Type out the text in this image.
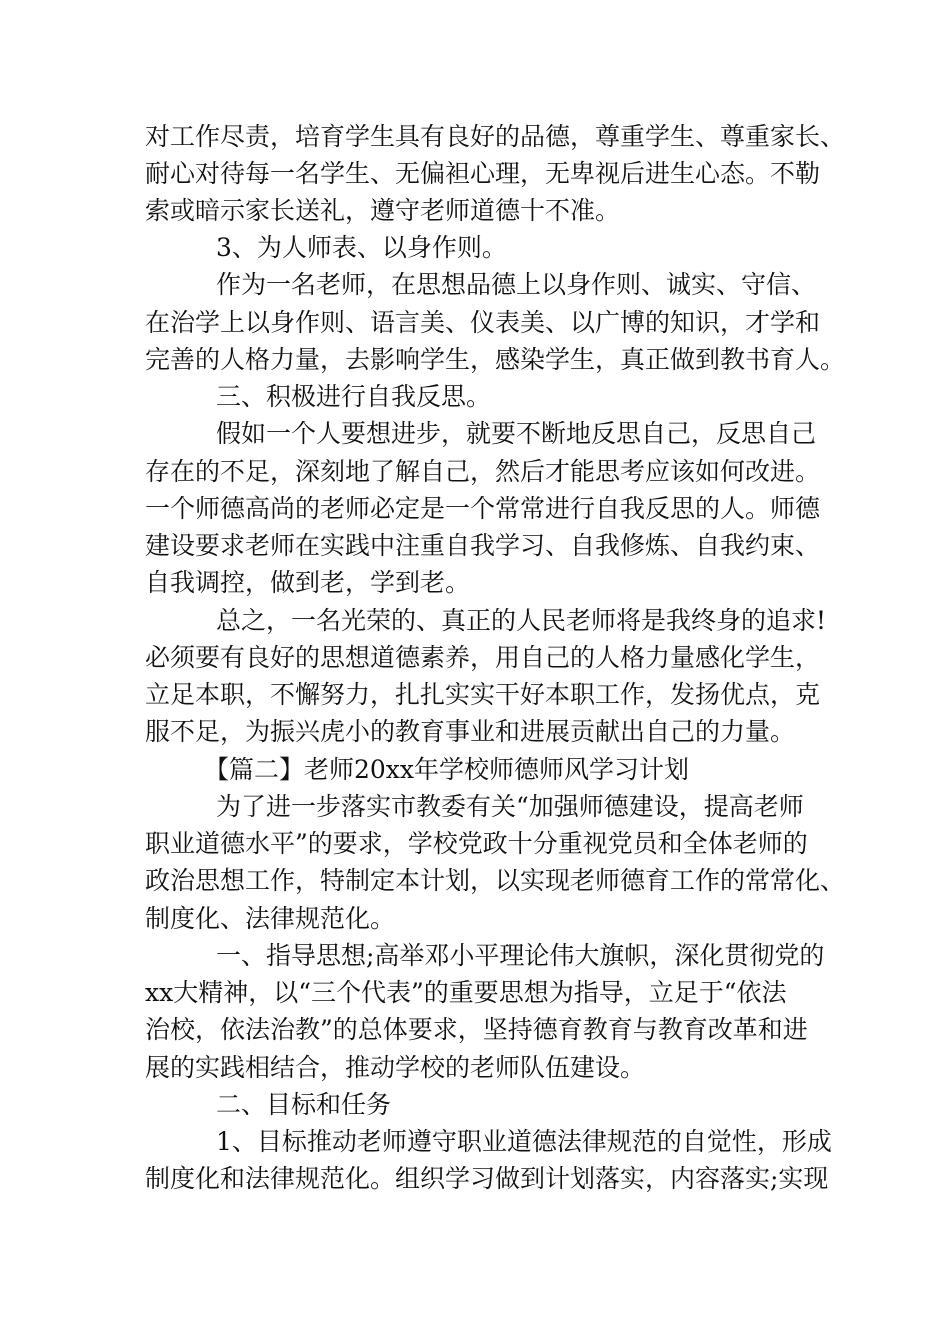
对工作尽责，培育学生具有良好的品德，尊重学生、尊重家长、
耐心对待每一名学生、无偏袒心理，无卑视后进生心态。不勒
索或暗示家长送礼，遵守老师道德十不准。
3、为人师表、以身作则。
作为一名老师，在思想品德上以身作则、诚实、守信、
在治学上以身作则、语言美、仪表美、以广博的知识，才学和
完善的人格力量，去影响学生，感染学生，真正做到教书育人。
三、积极进行自我反思。
假如一个人要想进步，就要不断地反思自己，反思自己
存在的不足，深刻地了解自己，然后才能思考应该如何改进。
一个师德高尚的老师必定是一个常常进行自我反思的人。师德
建设要求老师在实践中注重自我学习、自我修炼、自我约束、
自我调控，做到老，学到老。
总之，一名光荣的、真正的人民老师将是我终身的追求!
必须要有良好的思想道德素养，用自己的人格力量感化学生，
立足本职，不懈努力，扎扎实实干好本职工作，发扬优点，克
服不足，为振兴虎小的教育事业和进展贡献出自己的力量。
【篇二】老师20xx年学校师德师风学习计划
为了进一步落实市教委有关“加强师德建设，提高老师
职业道德水平”的要求，学校党政十分重视党员和全体老师的
政治思想工作，特制定本计划，以实现老师德育工作的常常化、
制度化、法律规范化。
一、指导思想;高举邓小平理论伟大旗帜，深化贯彻党的
xx大精神，以“三个代表”的重要思想为指导，立足于“依法
治校，依法治教”的总体要求，坚持德育教育与教育改革和进
展的实践相结合，推动学校的老师队伍建设。
二、目标和任务
1、目标推动老师遵守职业道德法律规范的自觉性，形成
制度化和法律规范化。组织学习做到计划落实，内容落实;实现
